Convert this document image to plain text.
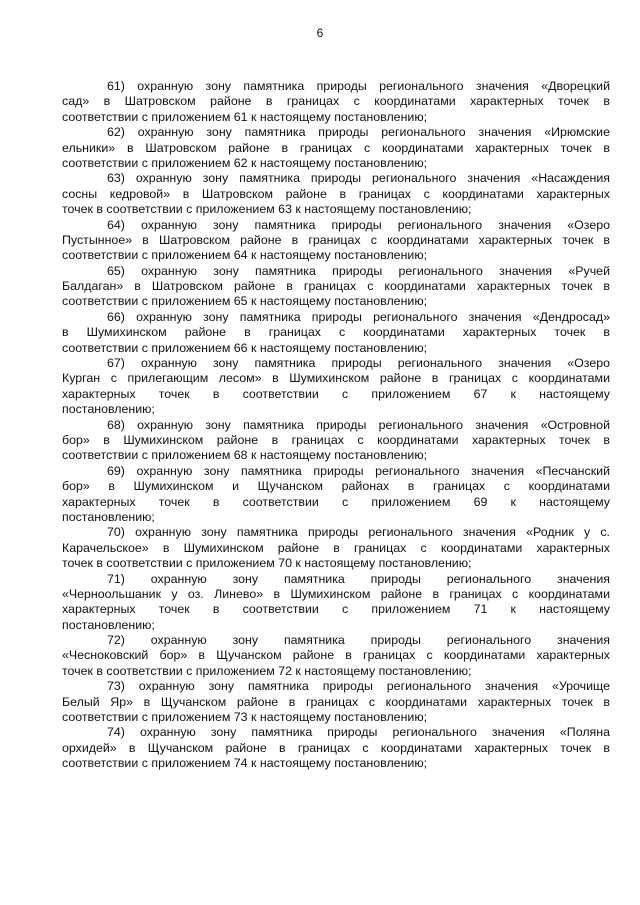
6
61) охранную зону памятника природы регионального значения «Дворецкий
сад» в Шатровском районе в границах с координатами характерных точек в
соответствии с приложением 61 к настоящему постановлению;
62) охранную зону памятника природы регионального значения «Ирюмские
ельники» в Шатровском районе в границах с координатами характерных точек в
соответствии с приложением 62 к настоящему постановлению;
63) охранную зону памятника природы регионального значения «Насаждения
сосны кедровой» в Шатровском районе в границах с координатами характерных
точек в соответствии с приложением 63 к настоящему постановлению;
64) охранную зону памятника природы регионального значения «Озеро
Пустынное» в Шатровском районе в границах с координатами характерных точек в
соответствии с приложением 64 к настоящему постановлению;
65) охранную зону памятника природы регионального значения «Ручей
Балдаган» в Шатровском районе в границах с координатами характерных точек в
соответствии с приложением 65 к настоящему постановлению;
66) охранную зону памятника природы регионального значения «Дендросад»
в Шумихинском районе в границах с координатами характерных точек в
соответствии с приложением 66 к настоящему постановлению;
67) охранную зону памятника природы регионального значения «Озеро
Курган с прилегающим лесом» в Шумихинском районе в границах с координатами
характерных точек в соответствии с приложением 67 к настоящему
постановлению;
68) охранную зону памятника природы регионального значения «Островной
бор» в Шумихинском районе в границах с координатами характерных точек в
соответствии с приложением 68 к настоящему постановлению;
69) охранную зону памятника природы регионального значения «Песчанский
бор» в Шумихинском и Щучанском районах в границах с координатами
характерных точек в соответствии с приложением 69 к настоящему
постановлению;
70) охранную зону памятника природы регионального значения «Родник у с.
Карачельское» в Шумихинском районе в границах с координатами характерных
точек в соответствии с приложением 70 к настоящему постановлению;
71) охранную зону памятника природы регионального значения
«Черноольшаник у оз. Линево» в Шумихинском районе в границах с координатами
характерных точек в соответствии с приложением 71 к настоящему
постановлению;
72) охранную зону памятника природы регионального значения
«Чесноковский бор» в Щучанском районе в границах с координатами характерных
точек в соответствии с приложением 72 к настоящему постановлению;
73) охранную зону памятника природы регионального значения «Урочище
Белый Яр» в Щучанском районе в границах с координатами характерных точек в
соответствии с приложением 73 к настоящему постановлению;
74) охранную зону памятника природы регионального значения «Поляна
орхидей» в Щучанском районе в границах с координатами характерных точек в
соответствии с приложением 74 к настоящему постановлению;
